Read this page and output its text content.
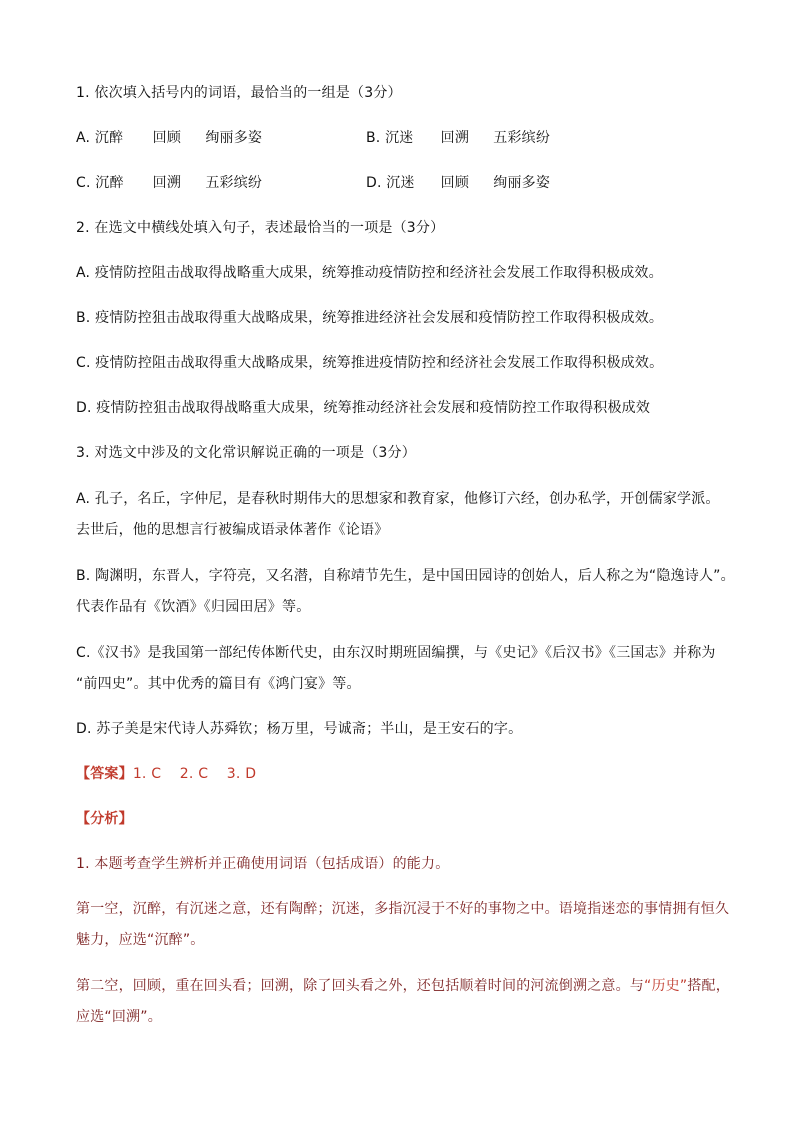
1. 依次填入括号内的词语，最恰当的一组是（3分）
A. 沉醉 回顾 绚丽多姿	B. 沉迷 回溯 五彩缤纷
C. 沉醉 回溯 五彩缤纷	D. 沉迷 回顾 绚丽多姿
2. 在选文中横线处填入句子，表述最恰当的一项是（3分）
A. 疫情防控阻击战取得战略重大成果，统筹推动疫情防控和经济社会发展工作取得积极成效。
B. 疫情防控狙击战取得重大战略成果，统筹推进经济社会发展和疫情防控工作取得积极成效。
C. 疫情防控阻击战取得重大战略成果，统筹推进疫情防控和经济社会发展工作取得积极成效。
D. 疫情防控狙击战取得战略重大成果，统筹推动经济社会发展和疫情防控工作取得积极成效
3. 对选文中涉及的文化常识解说正确的一项是（3分）
A. 孔子，名丘，字仲尼，是春秋时期伟大的思想家和教育家，他修订六经，创办私学，开创儒家学派。
去世后，他的思想言行被编成语录体著作《论语》
B. 陶渊明，东晋人，字符亮，又名潜，自称靖节先生，是中国田园诗的创始人，后人称之为“隐逸诗人”。
代表作品有《饮酒》《归园田居》等。
C.《汉书》是我国第一部纪传体断代史，由东汉时期班固编撰，与《史记》《后汉书》《三国志》并称为
“前四史”。其中优秀的篇目有《鸿门宴》等。
D. 苏子美是宋代诗人苏舜钦；杨万里，号诚斋；半山，是王安石的字。
【答案】1. C    2. C    3. D
【分析】
1. 本题考查学生辨析并正确使用词语（包括成语）的能力。
第一空，沉醉，有沉迷之意，还有陶醉；沉迷，多指沉浸于不好的事物之中。语境指迷恋的事情拥有恒久
魅力，应选“沉醉”。
第二空，回顾，重在回头看；回溯，除了回头看之外，还包括顺着时间的河流倒溯之意。与“历史”搭配，
应选“回溯”。
